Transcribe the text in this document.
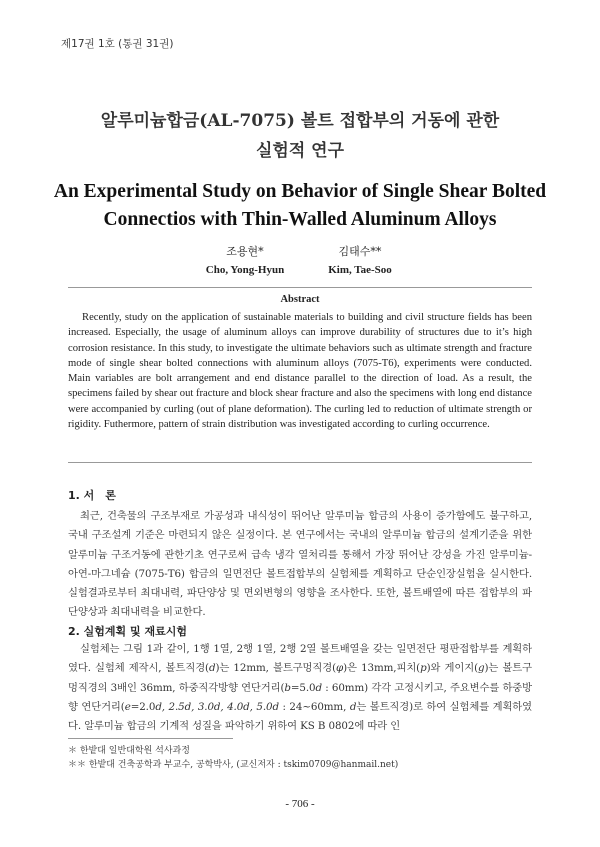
제17권 1호 (통권 31권)
알루미늄합금(AL-7075) 볼트 접합부의 거동에 관한
실험적 연구
An Experimental Study on Behavior of Single Shear Bolted
Connectios with Thin-Walled Aluminum Alloys
조용현*
Cho, Yong-Hyun
김태수**
Kim, Tae-Soo
Abstract
Recently, study on the application of sustainable materials to building and civil structure fields has been increased. Especially, the usage of aluminum alloys can improve durability of structures due to it’s high corrosion resistance. In this study, to investigate the ultimate behaviors such as ultimate strength and fracture mode of single shear bolted connections with aluminum alloys (7075-T6), experiments were conducted. Main variables are bolt arrangement and end distance parallel to the direction of load. As a result, the specimens failed by shear out fracture and block shear fracture and also the specimens with long end distance were accompanied by curling (out of plane deformation). The curling led to reduction of ultimate strength or rigidity. Futhermore, pattern of strain distribution was investigated according to curling occurrence.
1. 서　론
최근, 건축물의 구조부재로 가공성과 내식성이 뛰어난 알루미늄 합금의 사용이 증가함에도 불구하고, 국내 구조설계 기준은 마련되지 않은 실정이다. 본 연구에서는 국내의 알루미늄 합금의 설계기준을 위한 알루미늄 구조거동에 관한기초 연구로써 급속 냉각 열처리를 통해서 가장 뛰어난 강성을 가진 알루미늄-아연-마그네슘 (7075-T6) 합금의 일면전단 볼트접합부의 실험체를 계획하고 단순인장실험을 실시한다. 실험결과로부터 최대내력, 파단양상 및 면외변형의 영향을 조사한다. 또한, 볼트배열에 따른 접합부의 파단양상과 최대내력을 비교한다.
2. 실험계획 및 재료시험
실험체는 그림 1과 같이, 1행 1열, 2행 1열, 2행 2열 볼트배열을 갖는 일면전단 평판접합부를 계획하였다. 실험체 제작시, 볼트직경(d)는 12mm, 볼트구멍직경(φ)은 13mm,피치(p)와 게이지(g)는 볼트구멍직경의 3배인 36mm, 하중직각방향 연단거리(b=5.0d : 60mm) 각각 고정시키고, 주요변수를 하중방향 연단거리(e=2.0d, 2.5d, 3.0d, 4.0d, 5.0d : 24~60mm, d는 볼트직경)로 하여 실험체를 계획하였다. 알루미늄 합금의 기계적 성질을 파악하기 위하여 KS B 0802에 따라 인
＊ 한밭대 일반대학원 석사과정
＊＊ 한밭대 건축공학과 부교수, 공학박사, (교신저자 : tskim0709@hanmail.net)
- 706 -
